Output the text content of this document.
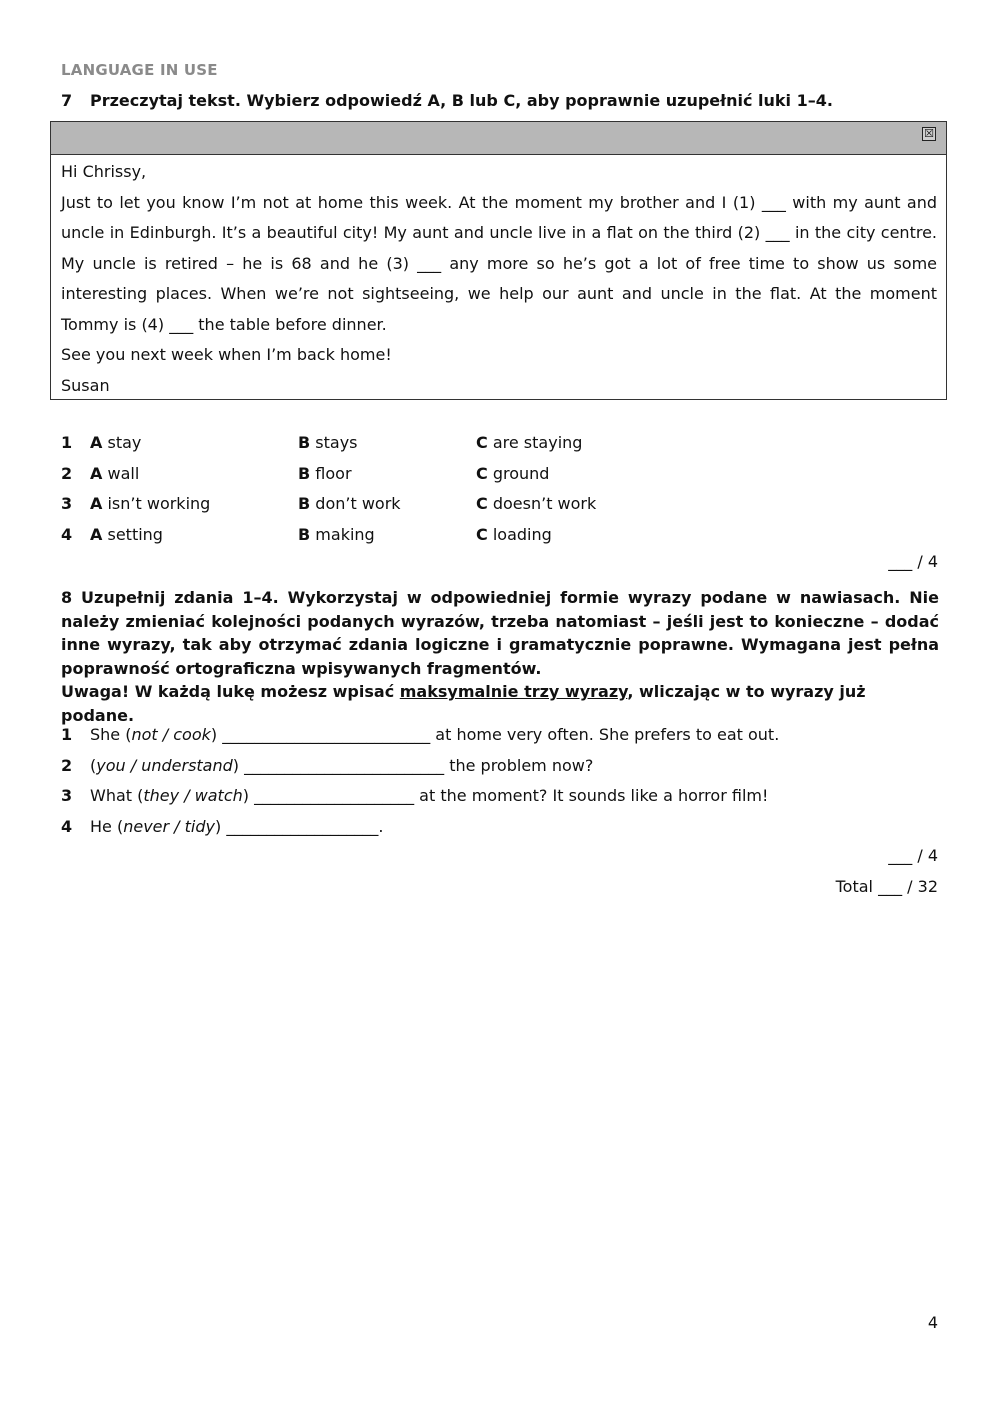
LANGUAGE IN USE
7 Przeczytaj tekst. Wybierz odpowiedź A, B lub C, aby poprawnie uzupełnić luki 1–4.
☒

Hi Chrissy,

Just to let you know I’m not at home this week. At the moment my brother and I (1) ___ with my aunt and uncle in Edinburgh. It’s a beautiful city! My aunt and uncle live in a flat on the third (2) ___ in the city centre. My uncle is retired – he is 68 and he (3) ___ any more so he’s got a lot of free time to show us some interesting places. When we’re not sightseeing, we help our aunt and uncle in the flat. At the moment Tommy is (4) ___ the table before dinner.

See you next week when I’m back home!

Susan

1 A stay	B stays	C are staying
2 A wall	B floor	C ground
3 A isn’t working	B don’t work	C doesn’t work
4 A setting	B making	C loading
___ / 4
8 Uzupełnij zdania 1–4. Wykorzystaj w odpowiedniej formie wyrazy podane w nawiasach. Nie należy zmieniać kolejności podanych wyrazów, trzeba natomiast – jeśli jest to konieczne – dodać inne wyrazy, tak aby otrzymać zdania logiczne i gramatycznie poprawne. Wymagana jest pełna poprawność ortograficzna wpisywanych fragmentów.
Uwaga! W każdą lukę możesz wpisać maksymalnie trzy wyrazy, wliczając w to wyrazy już podane.
1 She (not / cook) __________________________ at home very often. She prefers to eat out.
2 (you / understand) _________________________ the problem now?
3 What (they / watch) ____________________ at the moment? It sounds like a horror film!
4 He (never / tidy) ___________________.
___ / 4
Total ___ / 32
4
